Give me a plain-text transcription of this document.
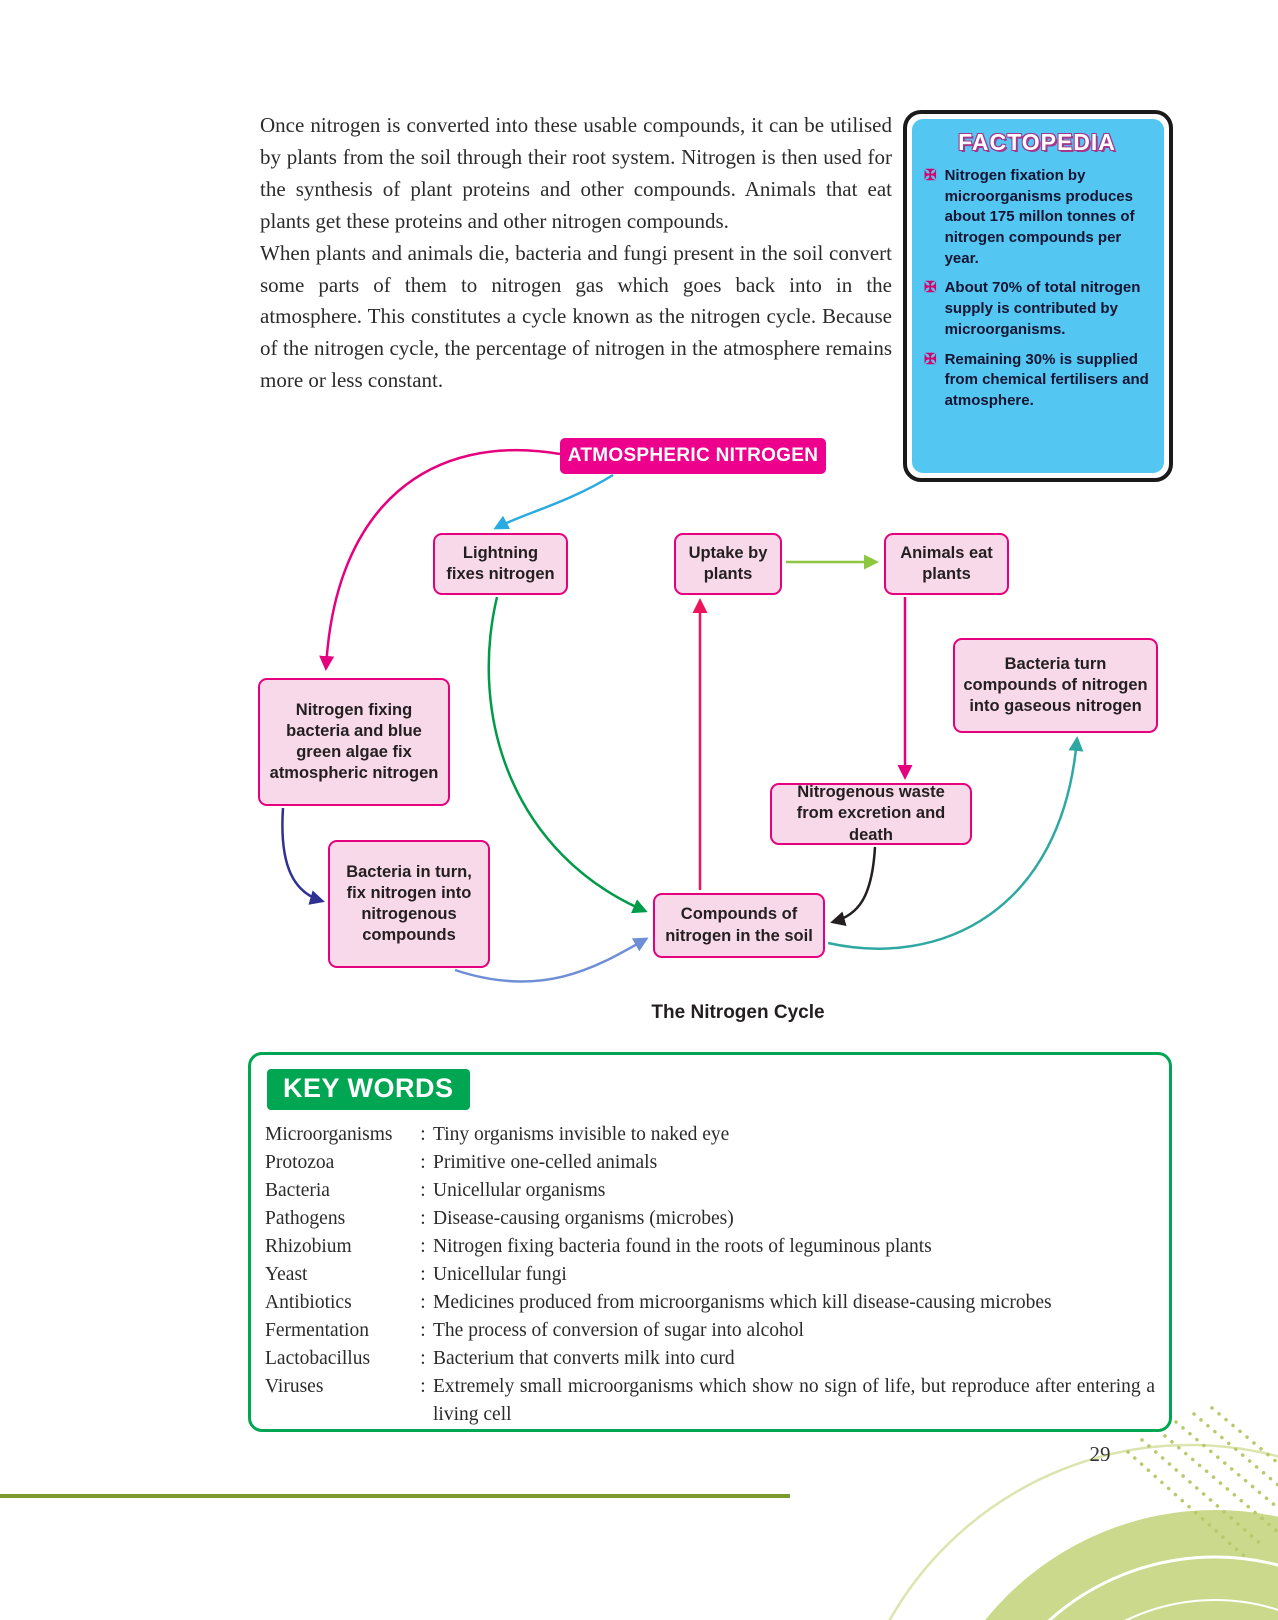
Once nitrogen is converted into these usable compounds, it can be utilised by plants from the soil through their root system. Nitrogen is then used for the synthesis of plant proteins and other compounds. Animals that eat plants get these proteins and other nitrogen compounds.

When plants and animals die, bacteria and fungi present in the soil convert some parts of them to nitrogen gas which goes back into in the atmosphere. This constitutes a cycle known as the nitrogen cycle. Because of the nitrogen cycle, the percentage of nitrogen in the atmosphere remains more or less constant.

FACTOPEDIA
✠ Nitrogen fixation by microorganisms produces about 175 millon tonnes of nitrogen compounds per year.
✠ About 70% of total nitrogen supply is contributed by microorganisms.
✠ Remaining 30% is supplied from chemical fertilisers and atmosphere.
ATMOSPHERIC NITROGEN
Lightning fixes nitrogen
Uptake by plants
Animals eat plants
Bacteria turn compounds of nitrogen into gaseous nitrogen
Nitrogen fixing bacteria and blue green algae fix atmospheric nitrogen
Nitrogenous waste from excretion and death
Bacteria in turn, fix nitrogen into nitrogenous compounds
Compounds of nitrogen in the soil
The Nitrogen Cycle
KEY WORDS
Microorganisms	: Tiny organisms invisible to naked eye
Protozoa	: Primitive one-celled animals
Bacteria	: Unicellular organisms
Pathogens	: Disease-causing organisms (microbes)
Rhizobium	: Nitrogen fixing bacteria found in the roots of leguminous plants
Yeast	: Unicellular fungi
Antibiotics	: Medicines produced from microorganisms which kill disease-causing microbes
Fermentation	: The process of conversion of sugar into alcohol
Lactobacillus	: Bacterium that converts milk into curd
Viruses	: Extremely small microorganisms which show no sign of life, but reproduce after entering a living cell
29
